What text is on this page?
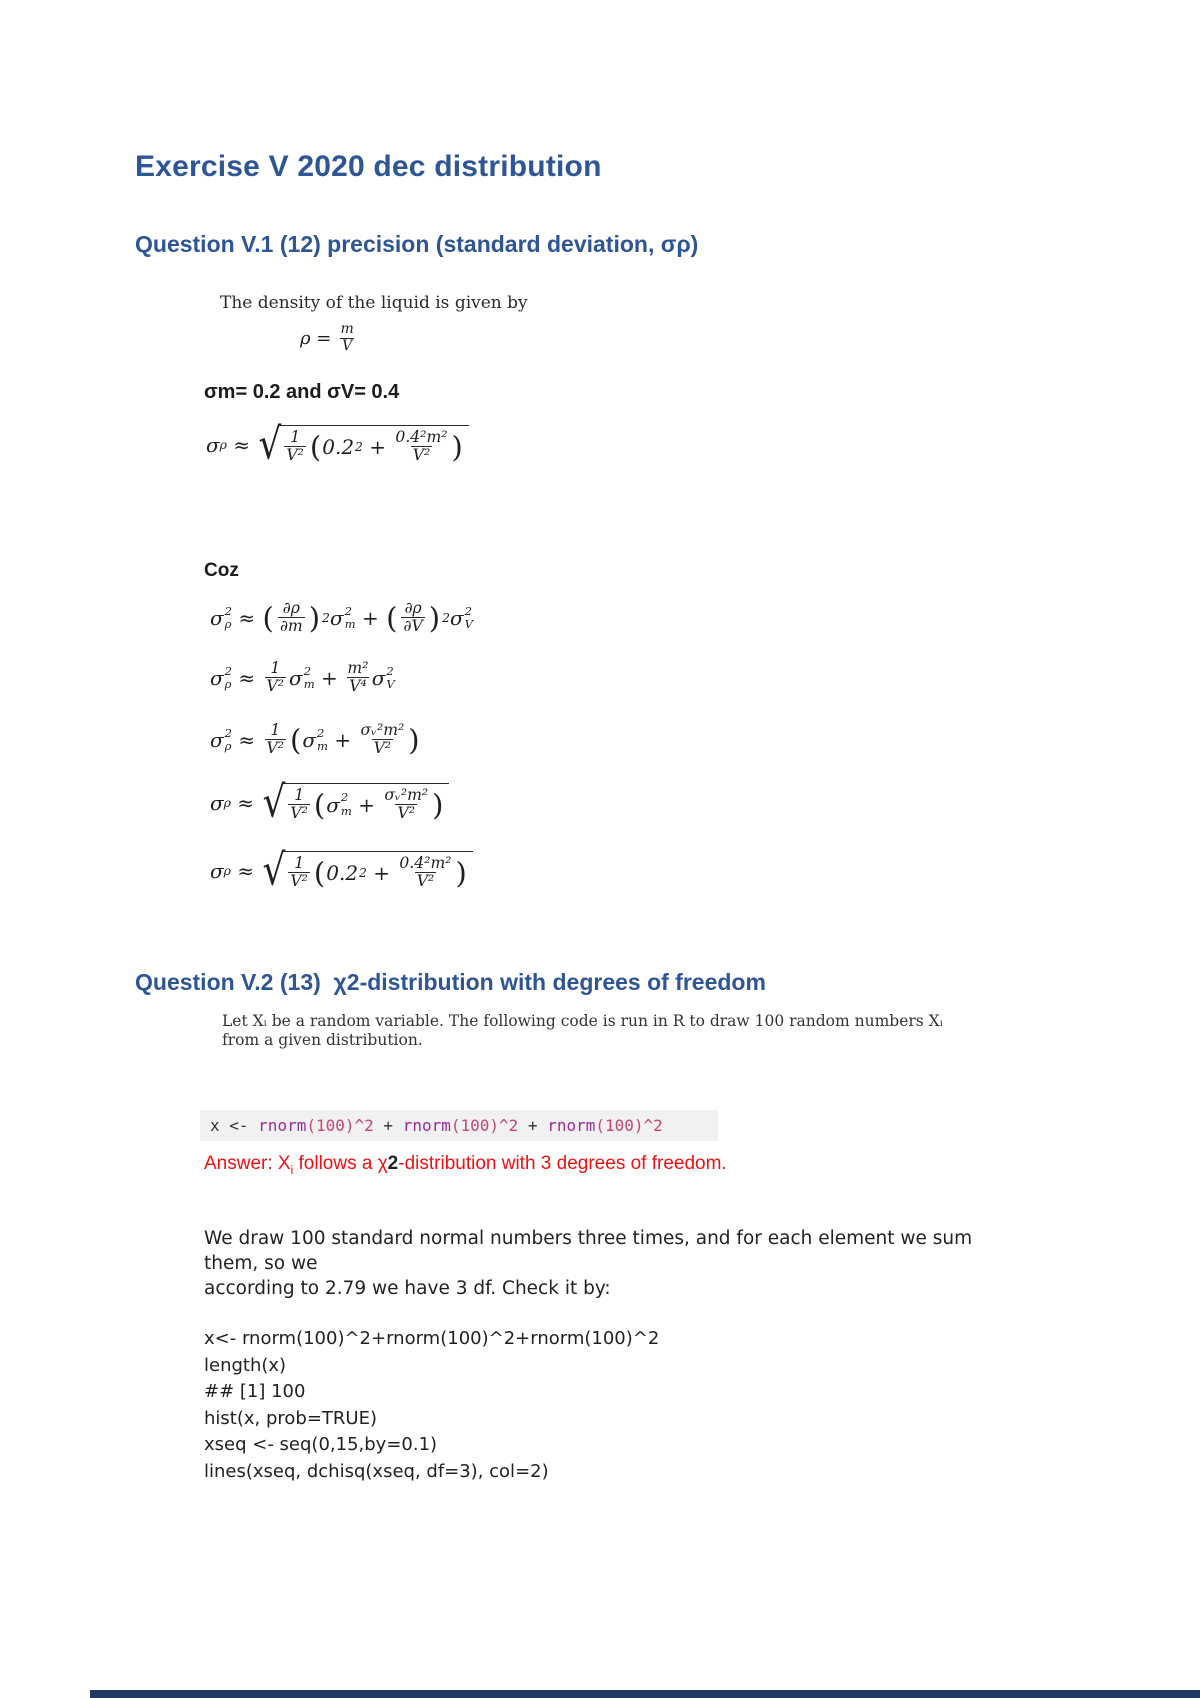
Exercise V 2020 dec distribution
Question V.1 (12) precision (standard deviation, σρ)
The density of the liquid is given by
$\rho = \frac{m}{V}$
σm= 0.2 and σV= 0.4
σ ρ ≈ √ $\frac{1}{\text{V²}}$ ( 0.2 $2 + \frac{\text{0.4²m²}}{\text{V²}}$ )
Coz
σ 2
ρ ≈ ( $\frac{\partial\rho}{\partial m}$ ) 2 σ 2
m + ( $\frac{\partial\rho}{\partial V}$ ) 2 σ 2
V
σ 2
$\rho \approx \frac{1}{\text{V²}}$ σ 2
$m + \frac{\text{m²}}{\text{V⁴}}$ σ 2
V
σ 2
$\rho \approx \frac{1}{\text{V²}}$ ( σ 2
$m + \frac{\text{σᵥ²m²}}{\text{V²}}$ )
σ ρ ≈ √ $\frac{1}{\text{V²}}$ ( σ 2
$m + \frac{\text{σᵥ²m²}}{\text{V²}}$ )
σ ρ ≈ √ $\frac{1}{\text{V²}}$ ( 0.2 $2 + \frac{\text{0.4²m²}}{\text{V²}}$ )
Question V.2 (13)  χ2-distribution with degrees of freedom
Let Xᵢ be a random variable. The following code is run in R to draw 100 random numbers Xᵢ
from a given distribution.
x <- rnorm(100)^2 + rnorm(100)^2 + rnorm(100)^2
Answer: $X_i$ follows a χ2-distribution with 3 degrees of freedom.
We draw 100 standard normal numbers three times, and for each element we sum
them, so we
according to 2.79 we have 3 df. Check it by:
x<- rnorm(100)^2+rnorm(100)^2+rnorm(100)^2
length(x)
## [1] 100
hist(x, prob=TRUE)
xseq <- seq(0,15,by=0.1)
lines(xseq, dchisq(xseq, df=3), col=2)
